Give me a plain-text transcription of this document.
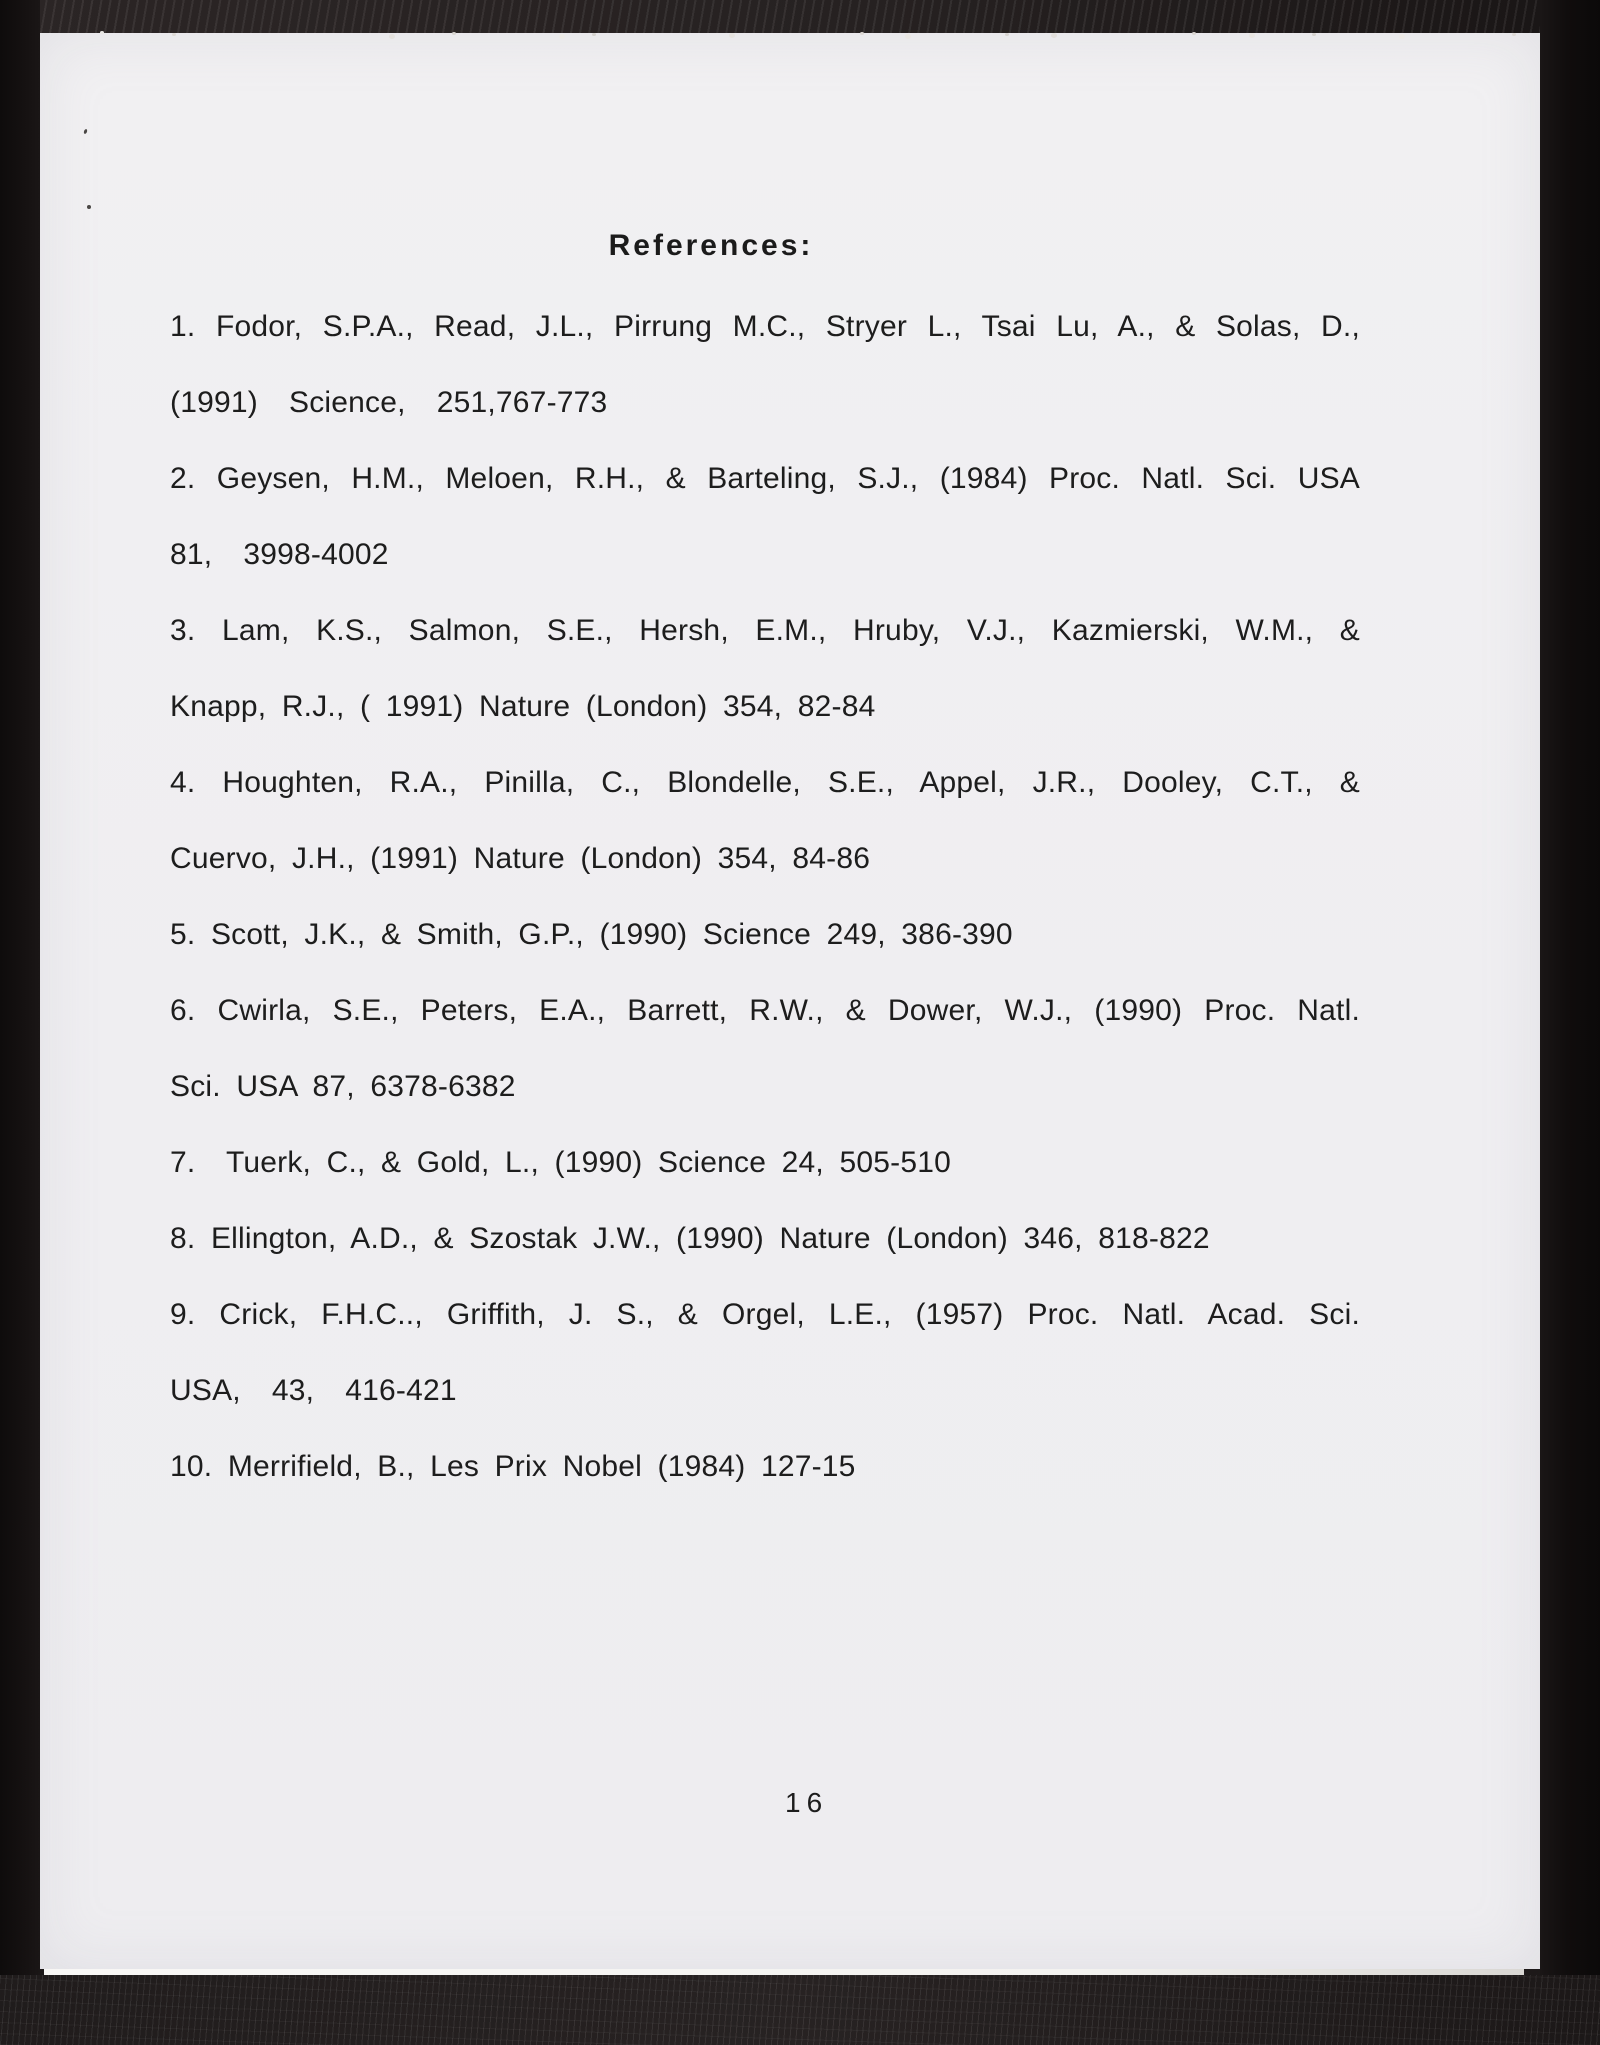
References:
1. Fodor, S.P.A., Read, J.L., Pirrung M.C., Stryer L., Tsai Lu, A., & Solas, D.,
(1991)  Science,  251,767-773
2. Geysen, H.M., Meloen, R.H., & Barteling, S.J., (1984) Proc. Natl. Sci. USA
81,  3998-4002
3. Lam, K.S., Salmon, S.E., Hersh, E.M., Hruby, V.J., Kazmierski, W.M., &
Knapp, R.J., ( 1991) Nature (London) 354, 82-84
4. Houghten, R.A., Pinilla, C., Blondelle, S.E., Appel, J.R., Dooley, C.T., &
Cuervo, J.H., (1991) Nature (London) 354, 84-86
5. Scott, J.K., & Smith, G.P., (1990) Science 249, 386-390
6. Cwirla, S.E., Peters, E.A., Barrett, R.W., & Dower, W.J., (1990) Proc. Natl.
Sci. USA 87, 6378-6382
7.  Tuerk, C., & Gold, L., (1990) Science 24, 505-510
8. Ellington, A.D., & Szostak J.W., (1990) Nature (London) 346, 818-822
9. Crick, F.H.C.., Griffith, J. S., & Orgel, L.E., (1957) Proc. Natl. Acad. Sci.
USA,  43,  416-421
10. Merrifield, B., Les Prix Nobel (1984) 127-15
16
